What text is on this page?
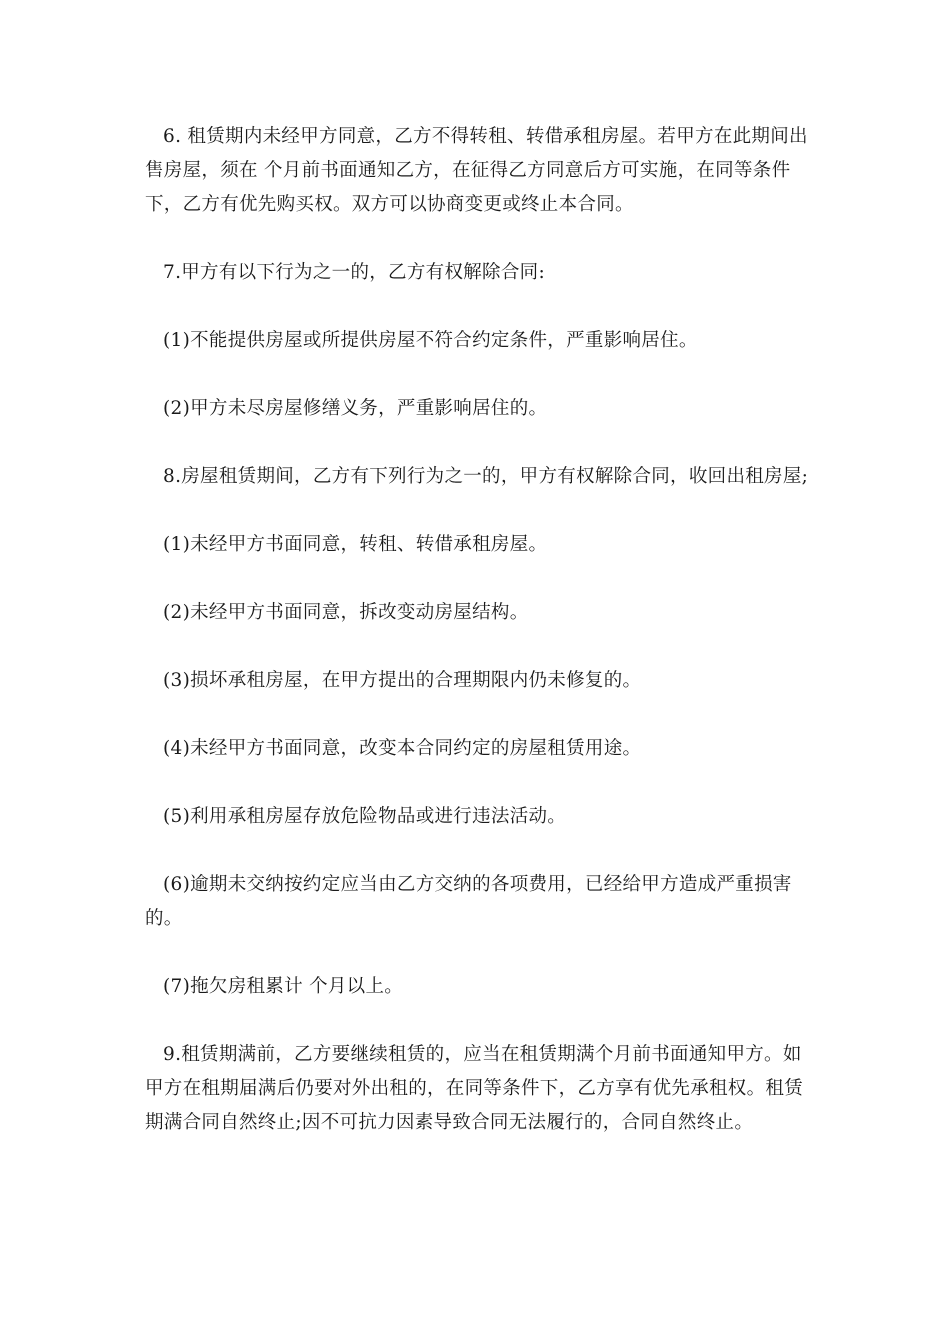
6. 租赁期内未经甲方同意，乙方不得转租、转借承租房屋。若甲方在此期间出售房屋，须在 个月前书面通知乙方，在征得乙方同意后方可实施，在同等条件下，乙方有优先购买权。双方可以协商变更或终止本合同。

7.甲方有以下行为之一的，乙方有权解除合同:

(1)不能提供房屋或所提供房屋不符合约定条件，严重影响居住。

(2)甲方未尽房屋修缮义务，严重影响居住的。

8.房屋租赁期间，乙方有下列行为之一的，甲方有权解除合同，收回出租房屋;

(1)未经甲方书面同意，转租、转借承租房屋。

(2)未经甲方书面同意，拆改变动房屋结构。

(3)损坏承租房屋，在甲方提出的合理期限内仍未修复的。

(4)未经甲方书面同意，改变本合同约定的房屋租赁用途。

(5)利用承租房屋存放危险物品或进行违法活动。

(6)逾期未交纳按约定应当由乙方交纳的各项费用，已经给甲方造成严重损害的。

(7)拖欠房租累计 个月以上。

9.租赁期满前，乙方要继续租赁的，应当在租赁期满个月前书面通知甲方。如甲方在租期届满后仍要对外出租的，在同等条件下，乙方享有优先承租权。租赁期满合同自然终止;因不可抗力因素导致合同无法履行的，合同自然终止。
